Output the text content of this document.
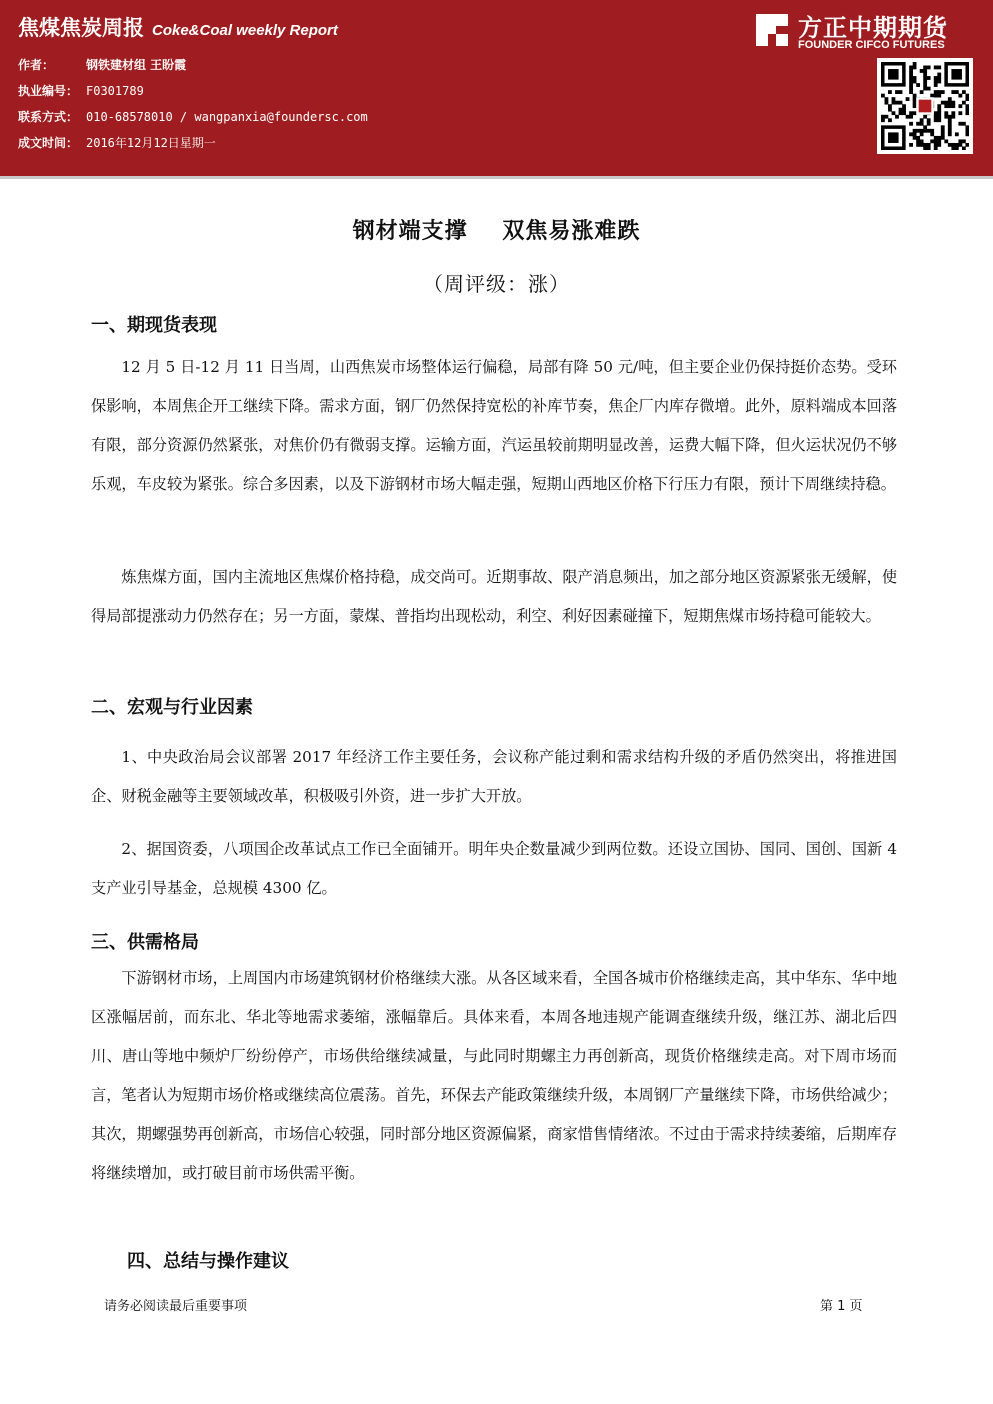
焦煤焦炭周报 Coke&Coal weekly Report
作者：	钢铁建材组 王盼霞
执业编号： F0301789
联系方式： 010-68578010 / wangpanxia@foundersc.com
成文时间： 2016年12月12日星期一
方正中期期货
FOUNDER CIFCO FUTURES
钢材端支撑 双焦易涨难跌
（周评级：涨）
一、期现货表现

12 月 5 日-12 月 11 日当周，山西焦炭市场整体运行偏稳，局部有降 50 元/吨，但主要企业仍保持挺价态势。受环保影响，本周焦企开工继续下降。需求方面，钢厂仍然保持宽松的补库节奏，焦企厂内库存微增。此外，原料端成本回落有限，部分资源仍然紧张，对焦价仍有微弱支撑。运输方面，汽运虽较前期明显改善，运费大幅下降，但火运状况仍不够乐观，车皮较为紧张。综合多因素，以及下游钢材市场大幅走强，短期山西地区价格下行压力有限，预计下周继续持稳。

炼焦煤方面，国内主流地区焦煤价格持稳，成交尚可。近期事故、限产消息频出，加之部分地区资源紧张无缓解，使得局部提涨动力仍然存在；另一方面，蒙煤、普指均出现松动，利空、利好因素碰撞下，短期焦煤市场持稳可能较大。

二、宏观与行业因素

1、中央政治局会议部署 2017 年经济工作主要任务，会议称产能过剩和需求结构升级的矛盾仍然突出，将推进国企、财税金融等主要领域改革，积极吸引外资，进一步扩大开放。

2、据国资委，八项国企改革试点工作已全面铺开。明年央企数量减少到两位数。还设立国协、国同、国创、国新 4 支产业引导基金，总规模 4300 亿。

三、供需格局

下游钢材市场，上周国内市场建筑钢材价格继续大涨。从各区域来看，全国各城市价格继续走高，其中华东、华中地区涨幅居前，而东北、华北等地需求萎缩，涨幅靠后。具体来看，本周各地违规产能调查继续升级，继江苏、湖北后四川、唐山等地中频炉厂纷纷停产，市场供给继续减量，与此同时期螺主力再创新高，现货价格继续走高。对下周市场而言，笔者认为短期市场价格或继续高位震荡。首先，环保去产能政策继续升级，本周钢厂产量继续下降，市场供给减少；其次，期螺强势再创新高，市场信心较强，同时部分地区资源偏紧，商家惜售情绪浓。不过由于需求持续萎缩，后期库存将继续增加，或打破目前市场供需平衡。

四、总结与操作建议
请务必阅读最后重要事项	第 1 页
